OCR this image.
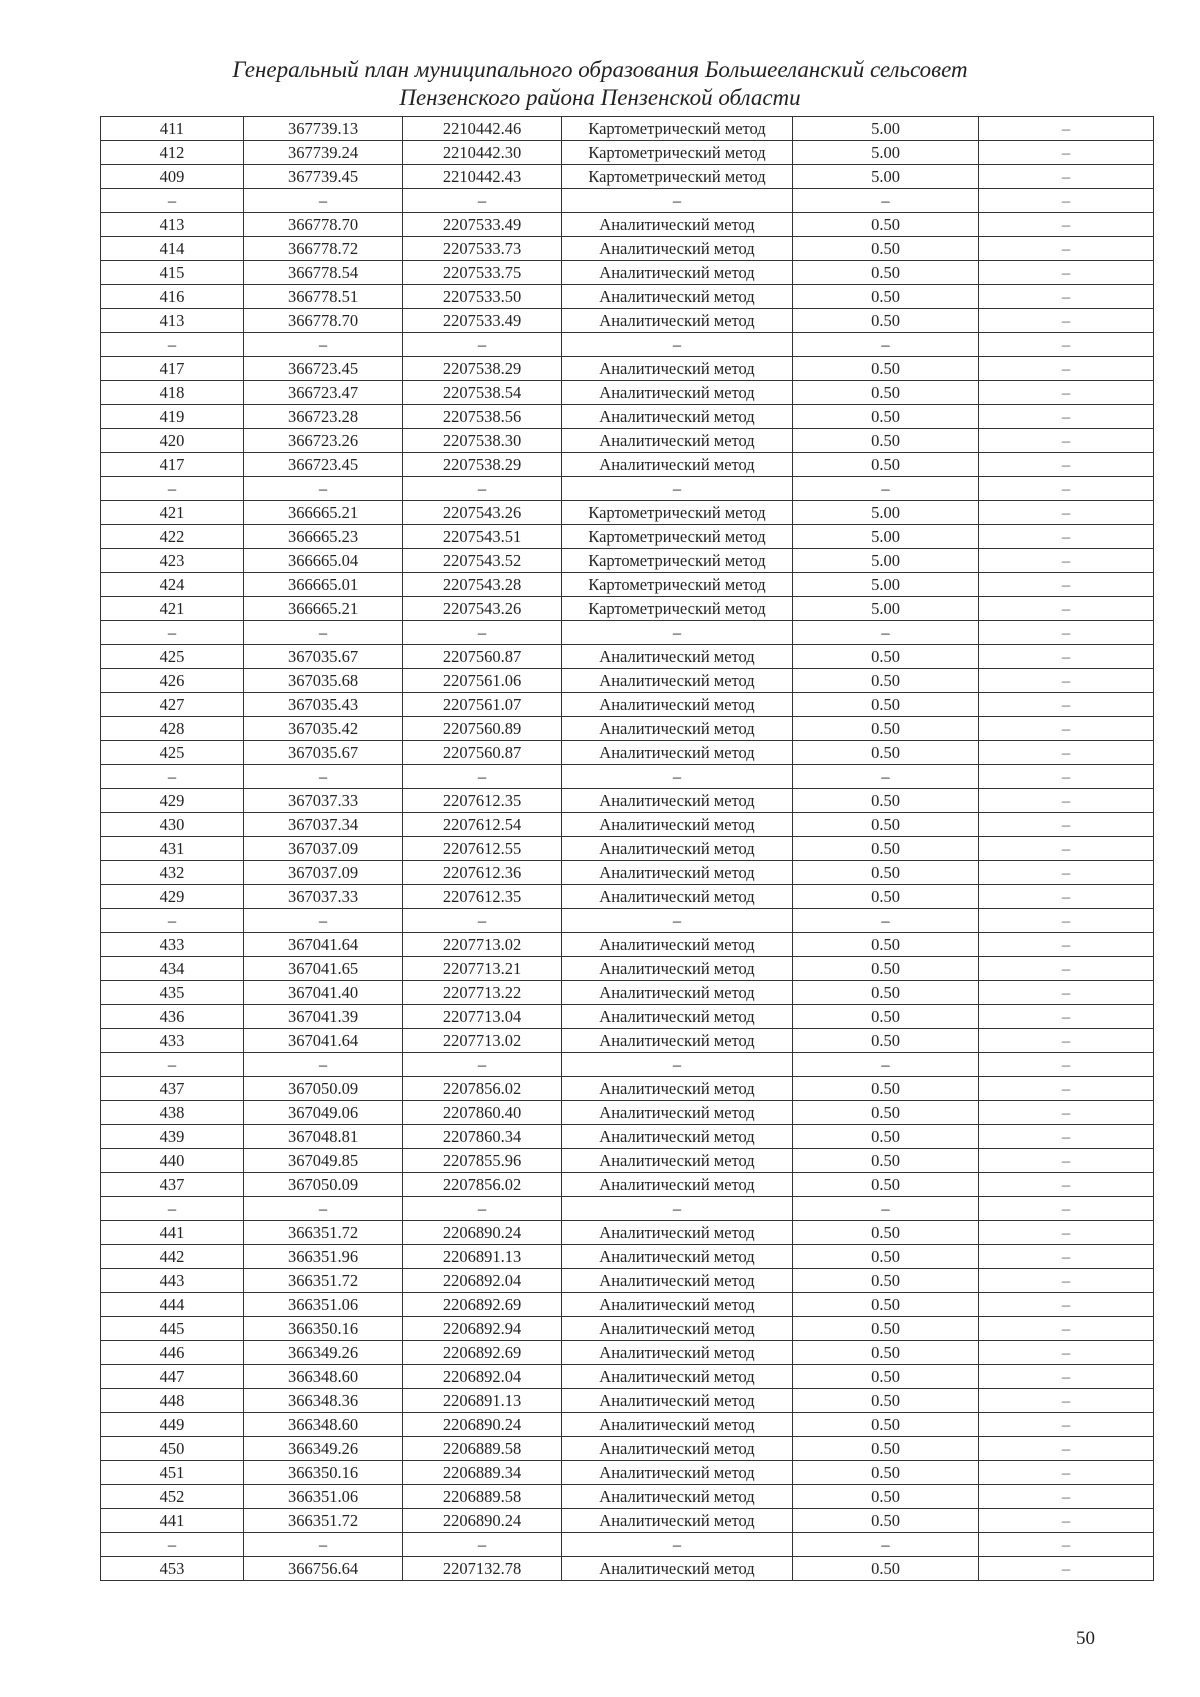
Генеральный план муниципального образования Большееланский сельсовет
Пензенского района Пензенской области
411	367739.13	2210442.46	Картометрический метод	5.00	–
412	367739.24	2210442.30	Картометрический метод	5.00	–
409	367739.45	2210442.43	Картометрический метод	5.00	–
–	–	–	–	–	–
413	366778.70	2207533.49	Аналитический метод	0.50	–
414	366778.72	2207533.73	Аналитический метод	0.50	–
415	366778.54	2207533.75	Аналитический метод	0.50	–
416	366778.51	2207533.50	Аналитический метод	0.50	–
413	366778.70	2207533.49	Аналитический метод	0.50	–
–	–	–	–	–	–
417	366723.45	2207538.29	Аналитический метод	0.50	–
418	366723.47	2207538.54	Аналитический метод	0.50	–
419	366723.28	2207538.56	Аналитический метод	0.50	–
420	366723.26	2207538.30	Аналитический метод	0.50	–
417	366723.45	2207538.29	Аналитический метод	0.50	–
–	–	–	–	–	–
421	366665.21	2207543.26	Картометрический метод	5.00	–
422	366665.23	2207543.51	Картометрический метод	5.00	–
423	366665.04	2207543.52	Картометрический метод	5.00	–
424	366665.01	2207543.28	Картометрический метод	5.00	–
421	366665.21	2207543.26	Картометрический метод	5.00	–
–	–	–	–	–	–
425	367035.67	2207560.87	Аналитический метод	0.50	–
426	367035.68	2207561.06	Аналитический метод	0.50	–
427	367035.43	2207561.07	Аналитический метод	0.50	–
428	367035.42	2207560.89	Аналитический метод	0.50	–
425	367035.67	2207560.87	Аналитический метод	0.50	–
–	–	–	–	–	–
429	367037.33	2207612.35	Аналитический метод	0.50	–
430	367037.34	2207612.54	Аналитический метод	0.50	–
431	367037.09	2207612.55	Аналитический метод	0.50	–
432	367037.09	2207612.36	Аналитический метод	0.50	–
429	367037.33	2207612.35	Аналитический метод	0.50	–
–	–	–	–	–	–
433	367041.64	2207713.02	Аналитический метод	0.50	–
434	367041.65	2207713.21	Аналитический метод	0.50	–
435	367041.40	2207713.22	Аналитический метод	0.50	–
436	367041.39	2207713.04	Аналитический метод	0.50	–
433	367041.64	2207713.02	Аналитический метод	0.50	–
–	–	–	–	–	–
437	367050.09	2207856.02	Аналитический метод	0.50	–
438	367049.06	2207860.40	Аналитический метод	0.50	–
439	367048.81	2207860.34	Аналитический метод	0.50	–
440	367049.85	2207855.96	Аналитический метод	0.50	–
437	367050.09	2207856.02	Аналитический метод	0.50	–
–	–	–	–	–	–
441	366351.72	2206890.24	Аналитический метод	0.50	–
442	366351.96	2206891.13	Аналитический метод	0.50	–
443	366351.72	2206892.04	Аналитический метод	0.50	–
444	366351.06	2206892.69	Аналитический метод	0.50	–
445	366350.16	2206892.94	Аналитический метод	0.50	–
446	366349.26	2206892.69	Аналитический метод	0.50	–
447	366348.60	2206892.04	Аналитический метод	0.50	–
448	366348.36	2206891.13	Аналитический метод	0.50	–
449	366348.60	2206890.24	Аналитический метод	0.50	–
450	366349.26	2206889.58	Аналитический метод	0.50	–
451	366350.16	2206889.34	Аналитический метод	0.50	–
452	366351.06	2206889.58	Аналитический метод	0.50	–
441	366351.72	2206890.24	Аналитический метод	0.50	–
–	–	–	–	–	–
453	366756.64	2207132.78	Аналитический метод	0.50	–
50
